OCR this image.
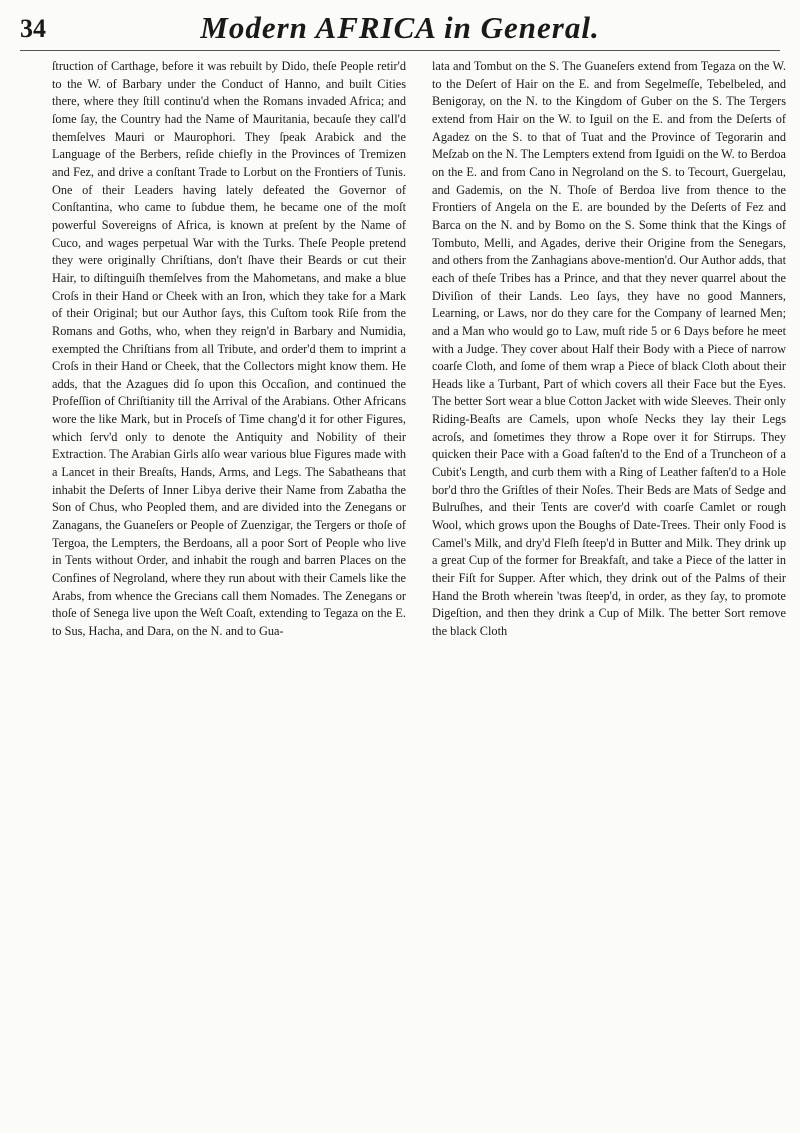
34	Modern AFRICA in General.

ſtruction of Carthage, before it was rebuilt by Dido, theſe People retir'd to the W. of Barbary under the Conduct of Hanno, and built Cities there, where they ſtill continu'd when the Romans invaded Africa; and ſome ſay, the Country had the Name of Mauritania, becauſe they call'd themſelves Mauri or Maurophori. They ſpeak Arabick and the Language of the Berbers, reſide chiefly in the Provinces of Tremizen and Fez, and drive a conſtant Trade to Lorbut on the Frontiers of Tunis. One of their Leaders having lately defeated the Governor of Conſtantina, who came to ſubdue them, he became one of the moſt powerful Sovereigns of Africa, is known at preſent by the Name of Cuco, and wages perpetual War with the Turks. Theſe People pretend they were originally Chriſtians, don't ſhave their Beards or cut their Hair, to diſtinguiſh themſelves from the Mahometans, and make a blue Croſs in their Hand or Cheek with an Iron, which they take for a Mark of their Original; but our Author ſays, this Cuſtom took Riſe from the Romans and Goths, who, when they reign'd in Barbary and Numidia, exempted the Chriſtians from all Tribute, and order'd them to imprint a Croſs in their Hand or Cheek, that the Collectors might know them. He adds, that the Azagues did ſo upon this Occaſion, and continued the Profeſſion of Chriſtianity till the Arrival of the Arabians. Other Africans wore the like Mark, but in Proceſs of Time chang'd it for other Figures, which ſerv'd only to denote the Antiquity and Nobility of their Extraction. The Arabian Girls alſo wear various blue Figures made with a Lancet in their Breaſts, Hands, Arms, and Legs. The Sabatheans that inhabit the Deſerts of Inner Libya derive their Name from Zabatha the Son of Chus, who Peopled them, and are divided into the Zenegans or Zanagans, the Guaneſers or People of Zuenzigar, the Tergers or thoſe of Tergoa, the Lempters, the Berdoans, all a poor Sort of People who live in Tents without Order, and inhabit the rough and barren Places on the Confines of Negroland, where they run about with their Camels like the Arabs, from whence the Grecians call them Nomades. The Zenegans or thoſe of Senega live upon the Weſt Coaſt, extending to Tegaza on the E. to Sus, Hacha, and Dara, on the N. and to Gua-

lata and Tombut on the S. The Guaneſers extend from Tegaza on the W. to the Deſert of Hair on the E. and from Segelmeſſe, Tebelbeled, and Benigoray, on the N. to the Kingdom of Guber on the S. The Tergers extend from Hair on the W. to Iguil on the E. and from the Deſerts of Agadez on the S. to that of Tuat and the Province of Tegorarin and Meſzab on the N. The Lempters extend from Iguidi on the W. to Berdoa on the E. and from Cano in Negroland on the S. to Tecourt, Guergelau, and Gademis, on the N. Thoſe of Berdoa live from thence to the Frontiers of Angela on the E. are bounded by the Deſerts of Fez and Barca on the N. and by Bomo on the S. Some think that the Kings of Tombuto, Melli, and Agades, derive their Origine from the Senegars, and others from the Zanhagians above-mention'd. Our Author adds, that each of theſe Tribes has a Prince, and that they never quarrel about the Diviſion of their Lands. Leo ſays, they have no good Manners, Learning, or Laws, nor do they care for the Company of learned Men; and a Man who would go to Law, muſt ride 5 or 6 Days before he meet with a Judge. They cover about Half their Body with a Piece of narrow coarſe Cloth, and ſome of them wrap a Piece of black Cloth about their Heads like a Turbant, Part of which covers all their Face but the Eyes. The better Sort wear a blue Cotton Jacket with wide Sleeves. Their only Riding-Beaſts are Camels, upon whoſe Necks they lay their Legs acroſs, and ſometimes they throw a Rope over it for Stirrups. They quicken their Pace with a Goad faſten'd to the End of a Truncheon of a Cubit's Length, and curb them with a Ring of Leather faſten'd to a Hole bor'd thro the Griſtles of their Noſes. Their Beds are Mats of Sedge and Bulruſhes, and their Tents are cover'd with coarſe Camlet or rough Wool, which grows upon the Boughs of Date-Trees. Their only Food is Camel's Milk, and dry'd Fleſh ſteep'd in Butter and Milk. They drink up a great Cup of the former for Breakfaſt, and take a Piece of the latter in their Fiſt for Supper. After which, they drink out of the Palms of their Hand the Broth wherein 'twas ſteep'd, in order, as they ſay, to promote Digeſtion, and then they drink a Cup of Milk. The better Sort remove the black Cloth
